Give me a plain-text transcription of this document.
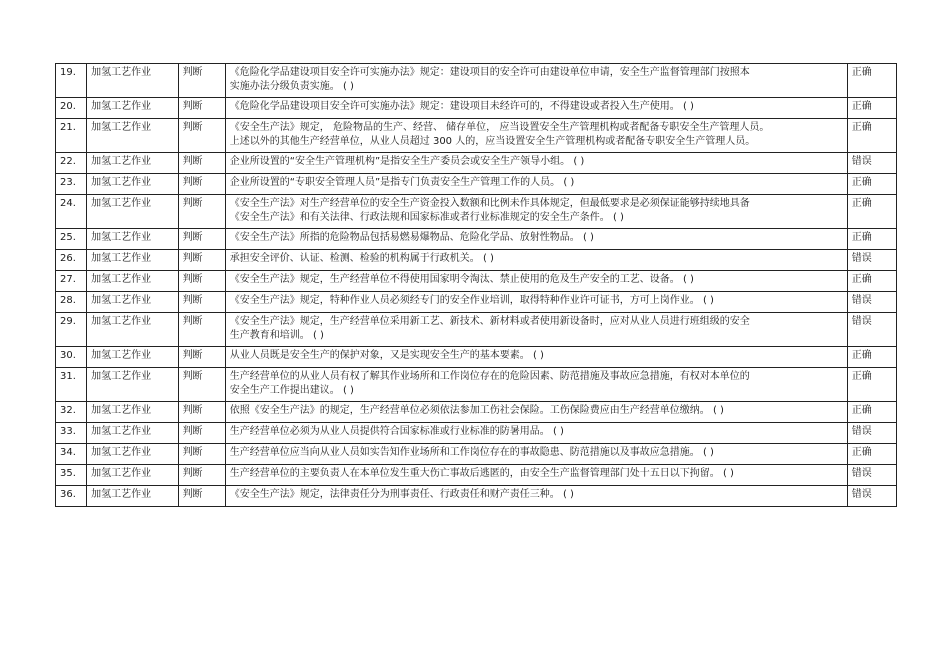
19.	加氢工艺作业	判断	《危险化学品建设项目安全许可实施办法》规定：建设项目的安全许可由建设单位申请，安全生产监督管理部门按照本
实施办法分级负责实施。 ( )	正确
20.	加氢工艺作业	判断	《危险化学品建设项目安全许可实施办法》规定：建设项目未经许可的，不得建设或者投入生产使用。 ( )	正确
21.	加氢工艺作业	判断	《安全生产法》规定， 危险物品的生产、经营、 储存单位， 应当设置安全生产管理机构或者配备专职安全生产管理人员。
上述以外的其他生产经营单位，从业人员超过 300 人的，应当设置安全生产管理机构或者配备专职安全生产管理人员。	正确
22.	加氢工艺作业	判断	企业所设置的“安全生产管理机构”是指安全生产委员会或安全生产领导小组。 ( )	错误
23.	加氢工艺作业	判断	企业所设置的“专职安全管理人员”是指专门负责安全生产管理工作的人员。 ( )	正确
24.	加氢工艺作业	判断	《安全生产法》对生产经营单位的安全生产资金投入数额和比例未作具体规定，但最低要求是必须保证能够持续地具备
《安全生产法》和有关法律、行政法规和国家标准或者行业标准规定的安全生产条件。 ( )	正确
25.	加氢工艺作业	判断	《安全生产法》所指的危险物品包括易燃易爆物品、危险化学品、放射性物品。 ( )	正确
26.	加氢工艺作业	判断	承担安全评价、认证、检测、检验的机构属于行政机关。 ( )	错误
27.	加氢工艺作业	判断	《安全生产法》规定，生产经营单位不得使用国家明令淘汰、禁止使用的危及生产安全的工艺、设备。 ( )	正确
28.	加氢工艺作业	判断	《安全生产法》规定，特种作业人员必须经专门的安全作业培训，取得特种作业许可证书，方可上岗作业。 ( )	错误
29.	加氢工艺作业	判断	《安全生产法》规定，生产经营单位采用新工艺、新技术、新材料或者使用新设备时，应对从业人员进行班组级的安全
生产教育和培训。 ( )	错误
30.	加氢工艺作业	判断	从业人员既是安全生产的保护对象，又是实现安全生产的基本要素。 ( )	正确
31.	加氢工艺作业	判断	生产经营单位的从业人员有权了解其作业场所和工作岗位存在的危险因素、防范措施及事故应急措施，有权对本单位的
安全生产工作提出建议。 ( )	正确
32.	加氢工艺作业	判断	依照《安全生产法》的规定，生产经营单位必须依法参加工伤社会保险。工伤保险费应由生产经营单位缴纳。 ( )	正确
33.	加氢工艺作业	判断	生产经营单位必须为从业人员提供符合国家标准或行业标准的防暑用品。 ( )	错误
34.	加氢工艺作业	判断	生产经营单位应当向从业人员如实告知作业场所和工作岗位存在的事故隐患、防范措施以及事故应急措施。 ( )	正确
35.	加氢工艺作业	判断	生产经营单位的主要负责人在本单位发生重大伤亡事故后逃匿的，由安全生产监督管理部门处十五日以下拘留。 ( )	错误
36.	加氢工艺作业	判断	《安全生产法》规定，法律责任分为刑事责任、行政责任和财产责任三种。 ( )	错误
